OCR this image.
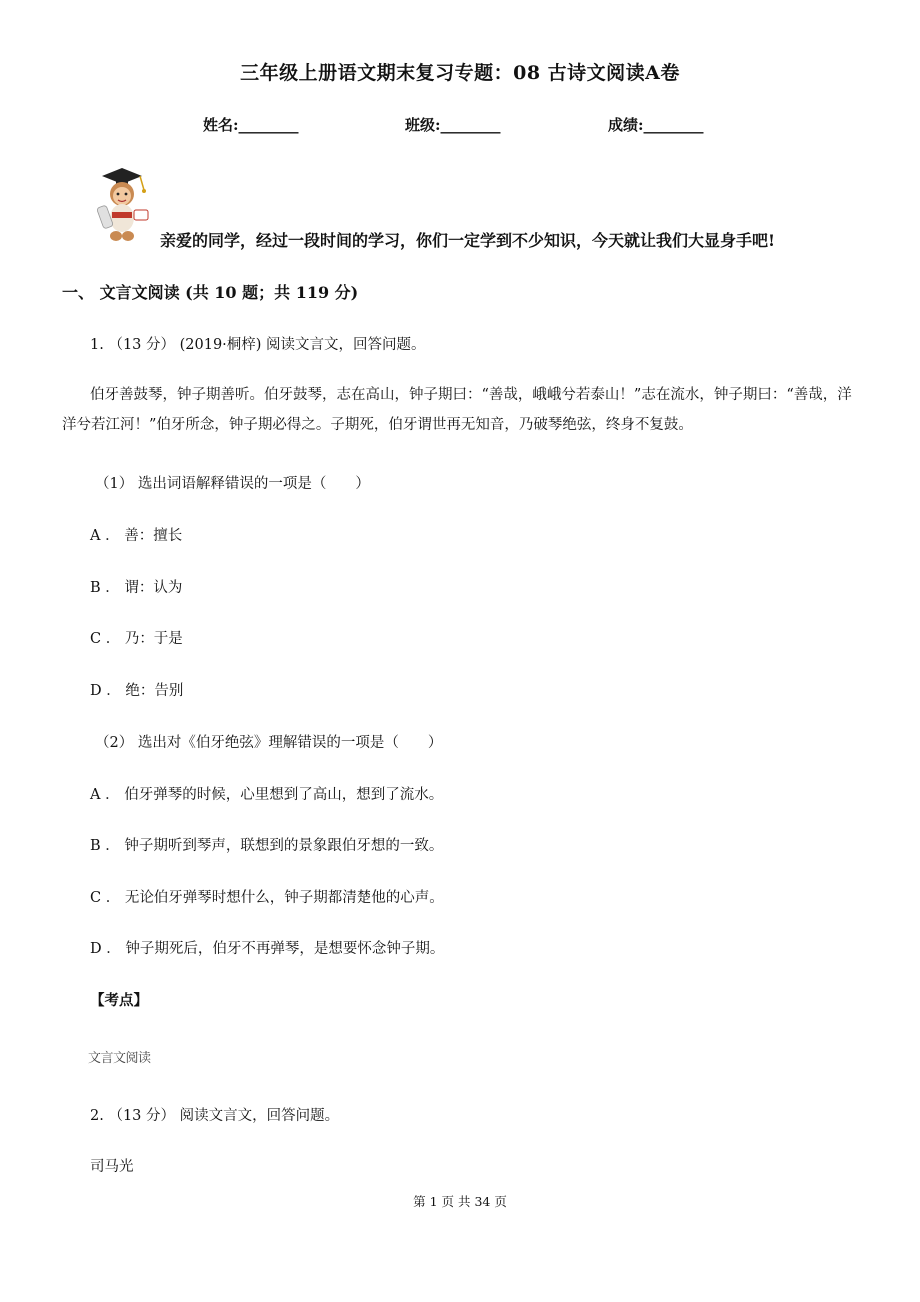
三年级上册语文期末复习专题：08 古诗文阅读A卷
姓名:________	班级:________	成绩:________
亲爱的同学，经过一段时间的学习，你们一定学到不少知识，今天就让我们大显身手吧!
一、 文言文阅读 (共 10 题；共 119 分)
1. （13 分） (2019·桐梓) 阅读文言文，回答问题。
伯牙善鼓琴，钟子期善听。伯牙鼓琴，志在高山，钟子期曰：“善哉，峨峨兮若泰山！”志在流水，钟子期曰：“善哉，洋洋兮若江河！”伯牙所念，钟子期必得之。子期死，伯牙谓世再无知音，乃破琴绝弦，终身不复鼓。
（1） 选出词语解释错误的一项是（　　）
A ． 善：擅长
B ． 谓：认为
C ． 乃：于是
D ． 绝：告别
（2） 选出对《伯牙绝弦》理解错误的一项是（　　）
A ． 伯牙弹琴的时候，心里想到了高山，想到了流水。
B ． 钟子期听到琴声，联想到的景象跟伯牙想的一致。
C ． 无论伯牙弹琴时想什么，钟子期都清楚他的心声。
D ． 钟子期死后，伯牙不再弹琴，是想要怀念钟子期。
【考点】
文言文阅读
2. （13 分） 阅读文言文，回答问题。
司马光
第 1 页 共 34 页
